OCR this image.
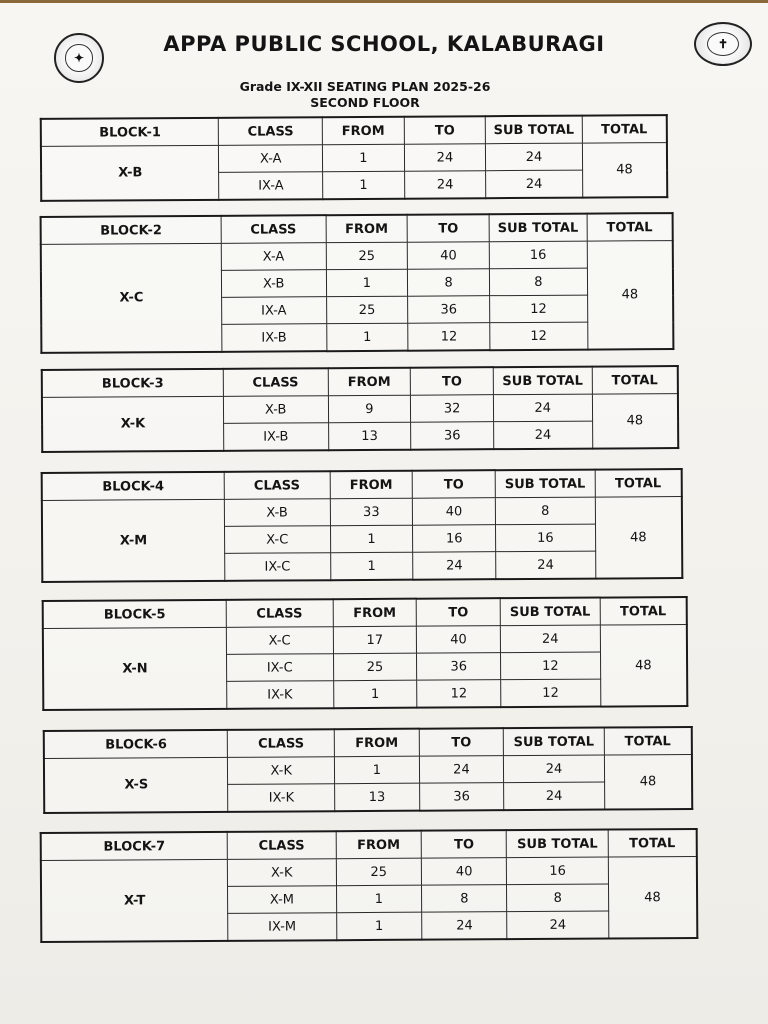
✦
✝
APPA PUBLIC SCHOOL, KALABURAGI
Grade IX-XII SEATING PLAN 2025-26
SECOND FLOOR
BLOCK-1	CLASS	FROM	TO	SUB TOTAL	TOTAL
X-B	X-A	1	24	24	48
	IX-A	1	24	24	
BLOCK-2	CLASS	FROM	TO	SUB TOTAL	TOTAL
X-C	X-A	25	40	16	48
	X-B	1	8	8	
	IX-A	25	36	12	
	IX-B	1	12	12	
BLOCK-3	CLASS	FROM	TO	SUB TOTAL	TOTAL
X-K	X-B	9	32	24	48
	IX-B	13	36	24	
BLOCK-4	CLASS	FROM	TO	SUB TOTAL	TOTAL
X-M	X-B	33	40	8	48
	X-C	1	16	16	
	IX-C	1	24	24	
BLOCK-5	CLASS	FROM	TO	SUB TOTAL	TOTAL
X-N	X-C	17	40	24	48
	IX-C	25	36	12	
	IX-K	1	12	12	
BLOCK-6	CLASS	FROM	TO	SUB TOTAL	TOTAL
X-S	X-K	1	24	24	48
	IX-K	13	36	24	
BLOCK-7	CLASS	FROM	TO	SUB TOTAL	TOTAL
X-T	X-K	25	40	16	48
	X-M	1	8	8	
	IX-M	1	24	24	
